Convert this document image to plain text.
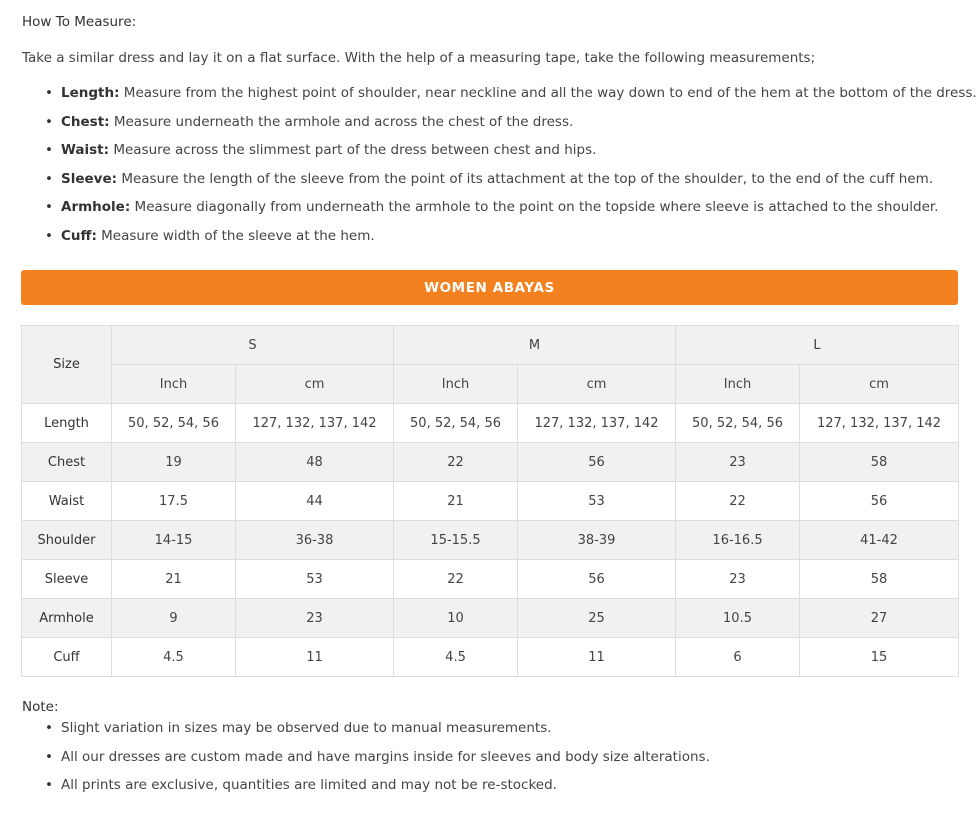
How To Measure:
Take a similar dress and lay it on a flat surface. With the help of a measuring tape, take the following measurements;
• Length: Measure from the highest point of shoulder, near neckline and all the way down to end of the hem at the bottom of the dress.
• Chest: Measure underneath the armhole and across the chest of the dress.
• Waist: Measure across the slimmest part of the dress between chest and hips.
• Sleeve: Measure the length of the sleeve from the point of its attachment at the top of the shoulder, to the end of the cuff hem.
• Armhole: Measure diagonally from underneath the armhole to the point on the topside where sleeve is attached to the shoulder.
• Cuff: Measure width of the sleeve at the hem.
WOMEN ABAYAS
Size	S		M		L	
	Inch	cm	Inch	cm	Inch	cm
Length	50, 52, 54, 56	127, 132, 137, 142	50, 52, 54, 56	127, 132, 137, 142	50, 52, 54, 56	127, 132, 137, 142
Chest	19	48	22	56	23	58
Waist	17.5	44	21	53	22	56
Shoulder	14-15	36-38	15-15.5	38-39	16-16.5	41-42
Sleeve	21	53	22	56	23	58
Armhole	9	23	10	25	10.5	27
Cuff	4.5	11	4.5	11	6	15
Note:
• Slight variation in sizes may be observed due to manual measurements.
• All our dresses are custom made and have margins inside for sleeves and body size alterations.
• All prints are exclusive, quantities are limited and may not be re-stocked.
